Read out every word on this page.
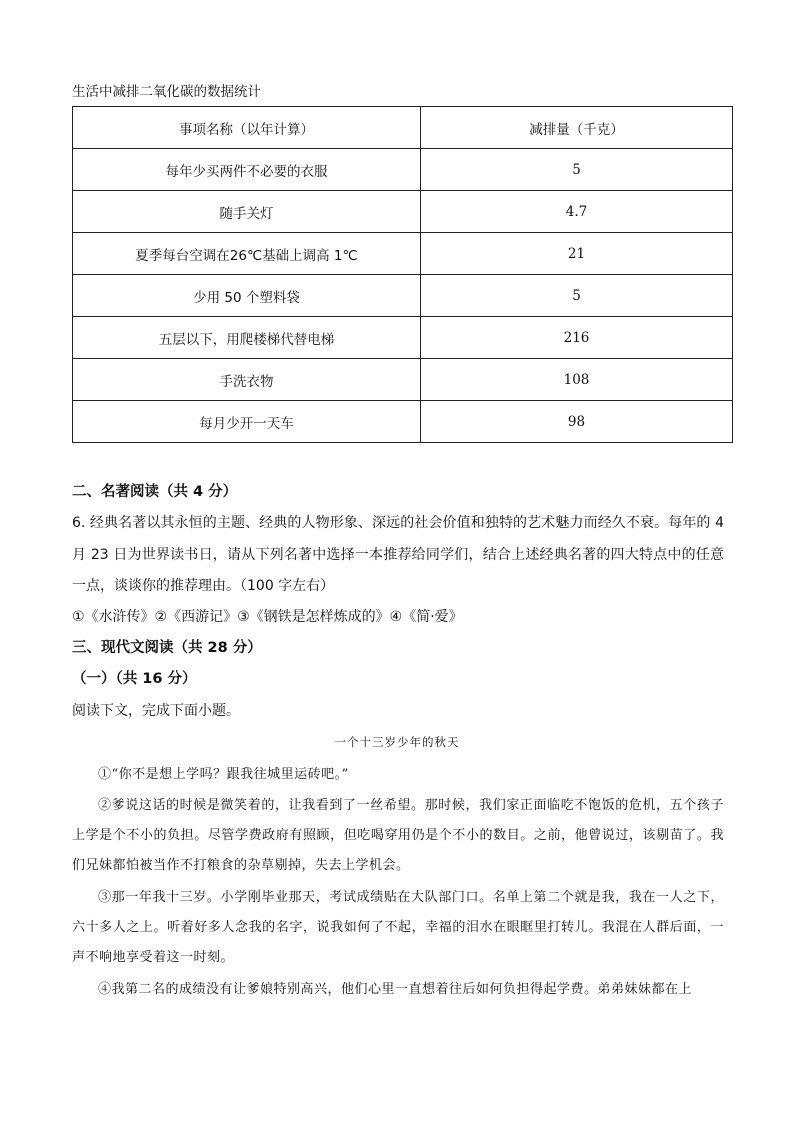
生活中减排二氧化碳的数据统计
事项名称（以年计算）	减排量（千克）
每年少买两件不必要的衣服	5
随手关灯	4.7
夏季每台空调在26℃基础上调高 1℃	21
少用 50 个塑料袋	5
五层以下，用爬楼梯代替电梯	216
手洗衣物	108
每月少开一天车	98
二、名著阅读（共 4 分）

6. 经典名著以其永恒的主题、经典的人物形象、深远的社会价值和独特的艺术魅力而经久不衰。每年的 4 月 23 日为世界读书日，请从下列名著中选择一本推荐给同学们，结合上述经典名著的四大特点中的任意一点，谈谈你的推荐理由。（100 字左右）

①《水浒传》②《西游记》③《钢铁是怎样炼成的》④《简·爱》
三、现代文阅读（共 28 分）
（一）（共 16 分）
阅读下文，完成下面小题。
一个十三岁少年的秋天

①“你不是想上学吗？跟我往城里运砖吧。”

②爹说这话的时候是微笑着的，让我看到了一丝希望。那时候，我们家正面临吃不饱饭的危机，五个孩子上学是个不小的负担。尽管学费政府有照顾，但吃喝穿用仍是个不小的数目。之前，他曾说过，该剔苗了。我们兄妹都怕被当作不打粮食的杂草剔掉，失去上学机会。

③那一年我十三岁。小学刚毕业那天，考试成绩贴在大队部门口。名单上第二个就是我，我在一人之下，六十多人之上。听着好多人念我的名字，说我如何了不起，幸福的泪水在眼眶里打转儿。我混在人群后面，一声不响地享受着这一时刻。

④我第二名的成绩没有让爹娘特别高兴，他们心里一直想着往后如何负担得起学费。弟弟妹妹都在上
